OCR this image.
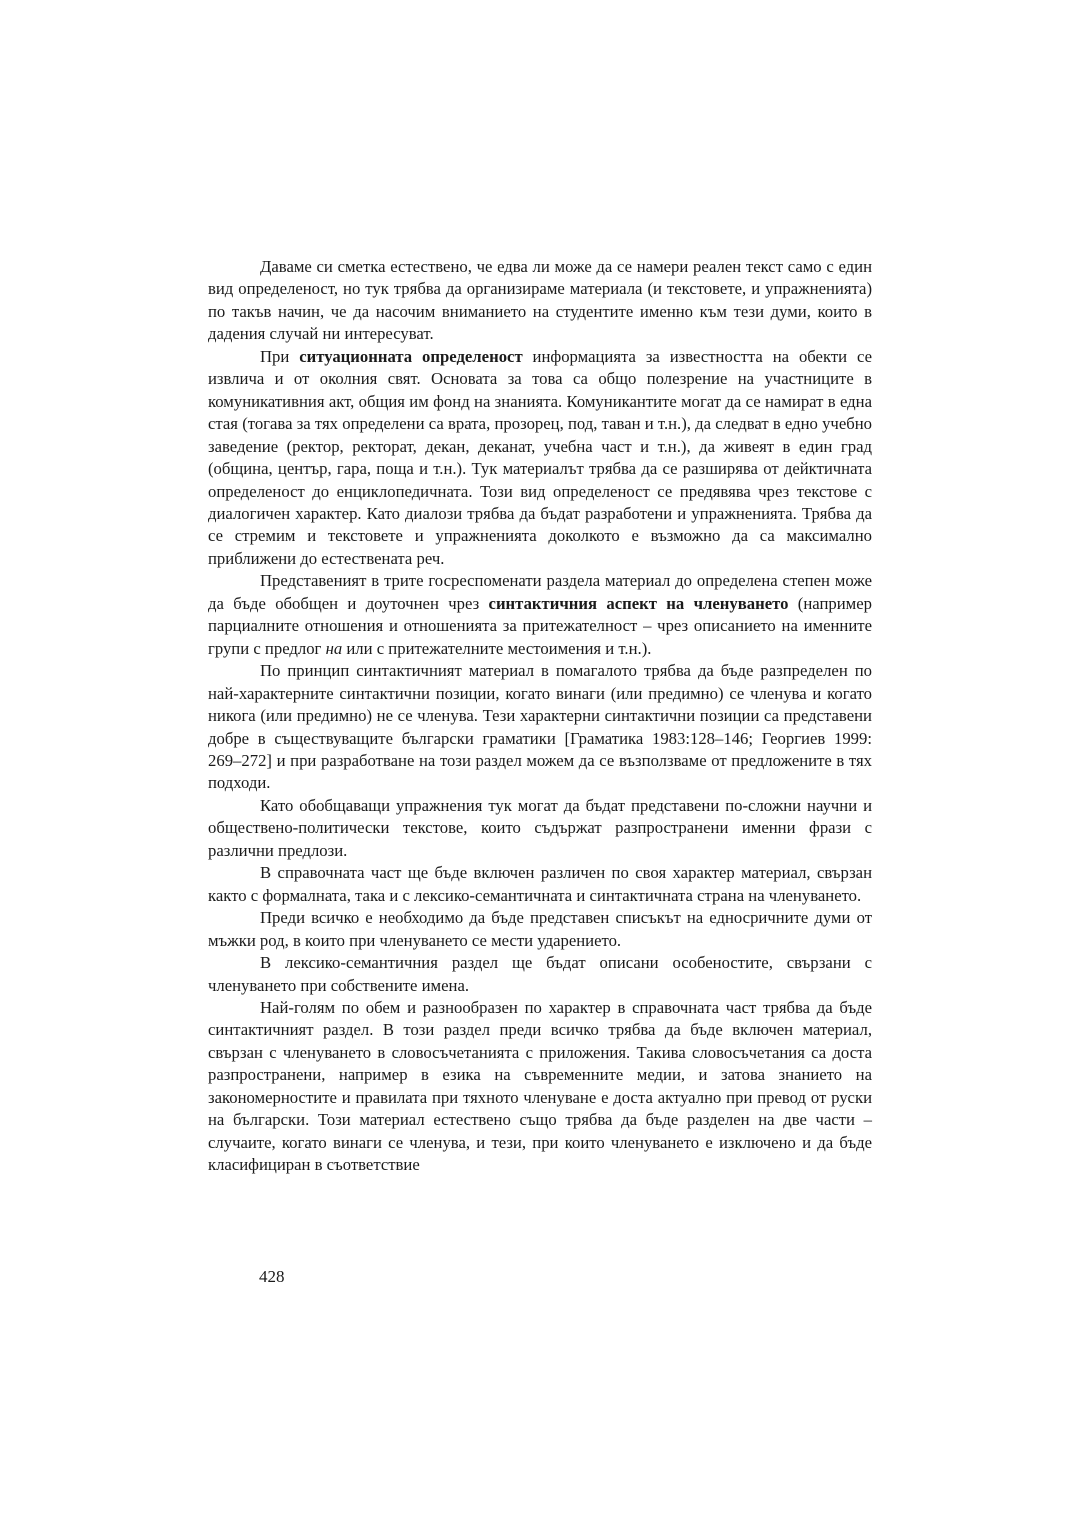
Даваме си сметка естествено, че едва ли може да се намери реален текст само с един вид определеност, но тук трябва да организираме материала (и текстовете, и упражненията) по такъв начин, че да насочим вниманието на студентите именно към тези думи, които в дадения случай ни интересуват.

При ситуационната определеност информацията за известността на обекти се извлича и от околния свят. Основата за това са общо полезрение на участниците в комуникативния акт, общия им фонд на знанията. Комуникантите могат да се намират в една стая (тогава за тях определени са врата, прозорец, под, таван и т.н.), да следват в едно учебно заведение (ректор, ректорат, декан, деканат, учебна част и т.н.), да живеят в един град (община, център, гара, поща и т.н.). Тук материалът трябва да се разширява от дейктичната определеност до енциклопедичната. Този вид определеност се предявява чрез текстове с диалогичен характер. Като диалози трябва да бъдат разработени и упражненията. Трябва да се стремим и текстовете и упражненията доколкото е възможно да са максимално приближени до естествената реч.

Представеният в трите госреспоменати раздела материал до определена степен може да бъде обобщен и доуточнен чрез синтактичния аспект на членуването (например парциалните отношения и отношенията за притежателност – чрез описанието на именните групи с предлог на или с притежателните местоимения и т.н.).

По принцип синтактичният материал в помагалото трябва да бъде разпределен по най-характерните синтактични позиции, когато винаги (или предимно) се членува и когато никога (или предимно) не се членува. Тези характерни синтактични позиции са представени добре в съществуващите български граматики [Граматика 1983:128–146; Георгиев 1999: 269–272] и при разработване на този раздел можем да се възползваме от предложените в тях подходи.

Като обобщаващи упражнения тук могат да бъдат представени по-сложни научни и обществено-политически текстове, които съдържат разпространени именни фрази с различни предлози.

В справочната част ще бъде включен различен по своя характер материал, свързан както с формалната, така и с лексико-семантичната и синтактичната страна на членуването.

Преди всичко е необходимо да бъде представен списъкът на едносричните думи от мъжки род, в които при членуването се мести ударението.

В лексико-семантичния раздел ще бъдат описани особеностите, свързани с членуването при собствените имена.

Най-голям по обем и разнообразен по характер в справочната част трябва да бъде синтактичният раздел. В този раздел преди всичко трябва да бъде включен материал, свързан с членуването в словосъчетанията с приложения. Такива словосъчетания са доста разпространени, например в езика на съвременните медии, и затова знанието на закономерностите и правилата при тяхното членуване е доста актуално при превод от руски на български. Този материал естествено също трябва да бъде разделен на две части – случаите, когато винаги се членува, и тези, при които членуването е изключено и да бъде класифициран в съответствие

428
